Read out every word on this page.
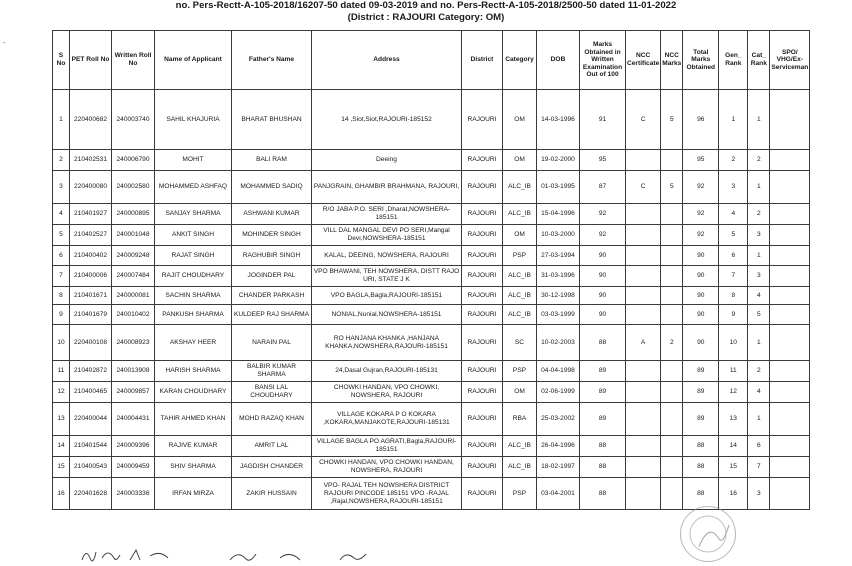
no. Pers-Rectt-A-105-2018/16207-50 dated 09-03-2019 and no. Pers-Rectt-A-105-2018/2500-50 dated 11-01-2022
(District : RAJOURI Category: OM)
-
S No	PET Roll No	Written Roll No	Name of Applicant	Father's Name	Address	District	Category	DOB	Marks Obtained in Written Examination Out of 100	NCC Certificate	NCC Marks	Total Marks Obtained	Gen_ Rank	Cat_ Rank	SPO/ VHG/Ex-Serviceman
1	220400682	240003740	SAHIL KHAJURIA	BHARAT BHUSHAN	14 ,Siot,Siot,RAJOURI-185152	RAJOURI	OM	14-03-1996	91	C	5	96	1	1	
2	210402531	240006790	MOHIT	BALI RAM	Deeing	RAJOURI	OM	19-02-2000	95			95	2	2	
3	220400080	240002580	MOHAMMED ASHFAQ	MOHAMMED SADIQ	PANJGRAIN, GHAMBIR BRAHMANA, RAJOURI,	RAJOURI	ALC_IB	01-03-1995	87	C	5	92	3	1	
4	210401927	240000895	SANJAY SHARMA	ASHWANI KUMAR	R/O JABA P.O. SERI ,Dharat,NOWSHERA-185151	RAJOURI	ALC_IB	15-04-1996	92			92	4	2	
5	210402527	240001048	ANKIT SINGH	MOHINDER SINGH	VILL DAL MANGAL DEVI PO SERI,Mangal Devi,NOWSHERA-185151	RAJOURI	OM	10-03-2000	92			92	5	3	
6	210400402	240009248	RAJAT SINGH	RAGHUBIR SINGH	KALAL, DEEING, NOWSHERA, RAJOURI	RAJOURI	PSP	27-03-1994	90			90	6	1	
7	210400006	240007484	RAJIT CHOUDHARY	JOGINDER PAL	VPO BHAWANI, TEH NOWSHERA, DISTT RAJO URI, STATE J K	RAJOURI	ALC_IB	31-03-1996	90			90	7	3	
8	210401671	240000081	SACHIN SHARMA	CHANDER PARKASH	VPO BAGLA,Bagla,RAJOURI-185151	RAJOURI	ALC_IB	30-12-1998	90			90	8	4	
9	210401679	240010402	PANKUSH SHARMA	KULDEEP RAJ SHARMA	NONIAL,Nunial,NOWSHERA-185151	RAJOURI	ALC_IB	03-03-1999	90			90	9	5	
10	220400108	240008923	AKSHAY HEER	NARAIN PAL	RO HANJANA KHANKA ,HANJANA KHANKA,NOWSHERA,RAJOURI-185151	RAJOURI	SC	10-02-2003	88	A	2	90	10	1	
11	210402872	240013908	HARISH SHARMA	BALBIR KUMAR SHARMA	24,Dasal Gujran,RAJOURI-185131	RAJOURI	PSP	04-04-1998	89			89	11	2	
12	210400465	240009857	KARAN CHOUDHARY	BANSI LAL CHOUDHARY	CHOWKI HANDAN, VPO CHOWKI, NOWSHERA, RAJOURI	RAJOURI	OM	02-06-1999	89			89	12	4	
13	220400044	240004431	TAHIR AHMED KHAN	MOHD RAZAQ KHAN	VILLAGE KOKARA P O KOKARA ,KOKARA,MANJAKOTE,RAJOURI-185131	RAJOURI	RBA	25-03-2002	89			89	13	1	
14	210401544	240009396	RAJIVE KUMAR	AMRIT LAL	VILLAGE BAGLA PO AGRATI,Bagla,RAJOURI-185151	RAJOURI	ALC_IB	26-04-1996	88			88	14	6	
15	210400543	240009459	SHIV SHARMA	JAGDISH CHANDER	CHOWKI HANDAN, VPO CHOWKI HANDAN, NOWSHERA, RAJOURI	RAJOURI	ALC_IB	18-02-1997	88			88	15	7	
16	220401628	240003336	IRFAN MIRZA	ZAKIR HUSSAIN	VPO- RAJAL TEH NOWSHERA DISTRICT RAJOURI PINCODE 185151 VPO -RAJAL ,Rajal,NOWSHERA,RAJOURI-185151	RAJOURI	PSP	03-04-2001	88			88	16	3	
